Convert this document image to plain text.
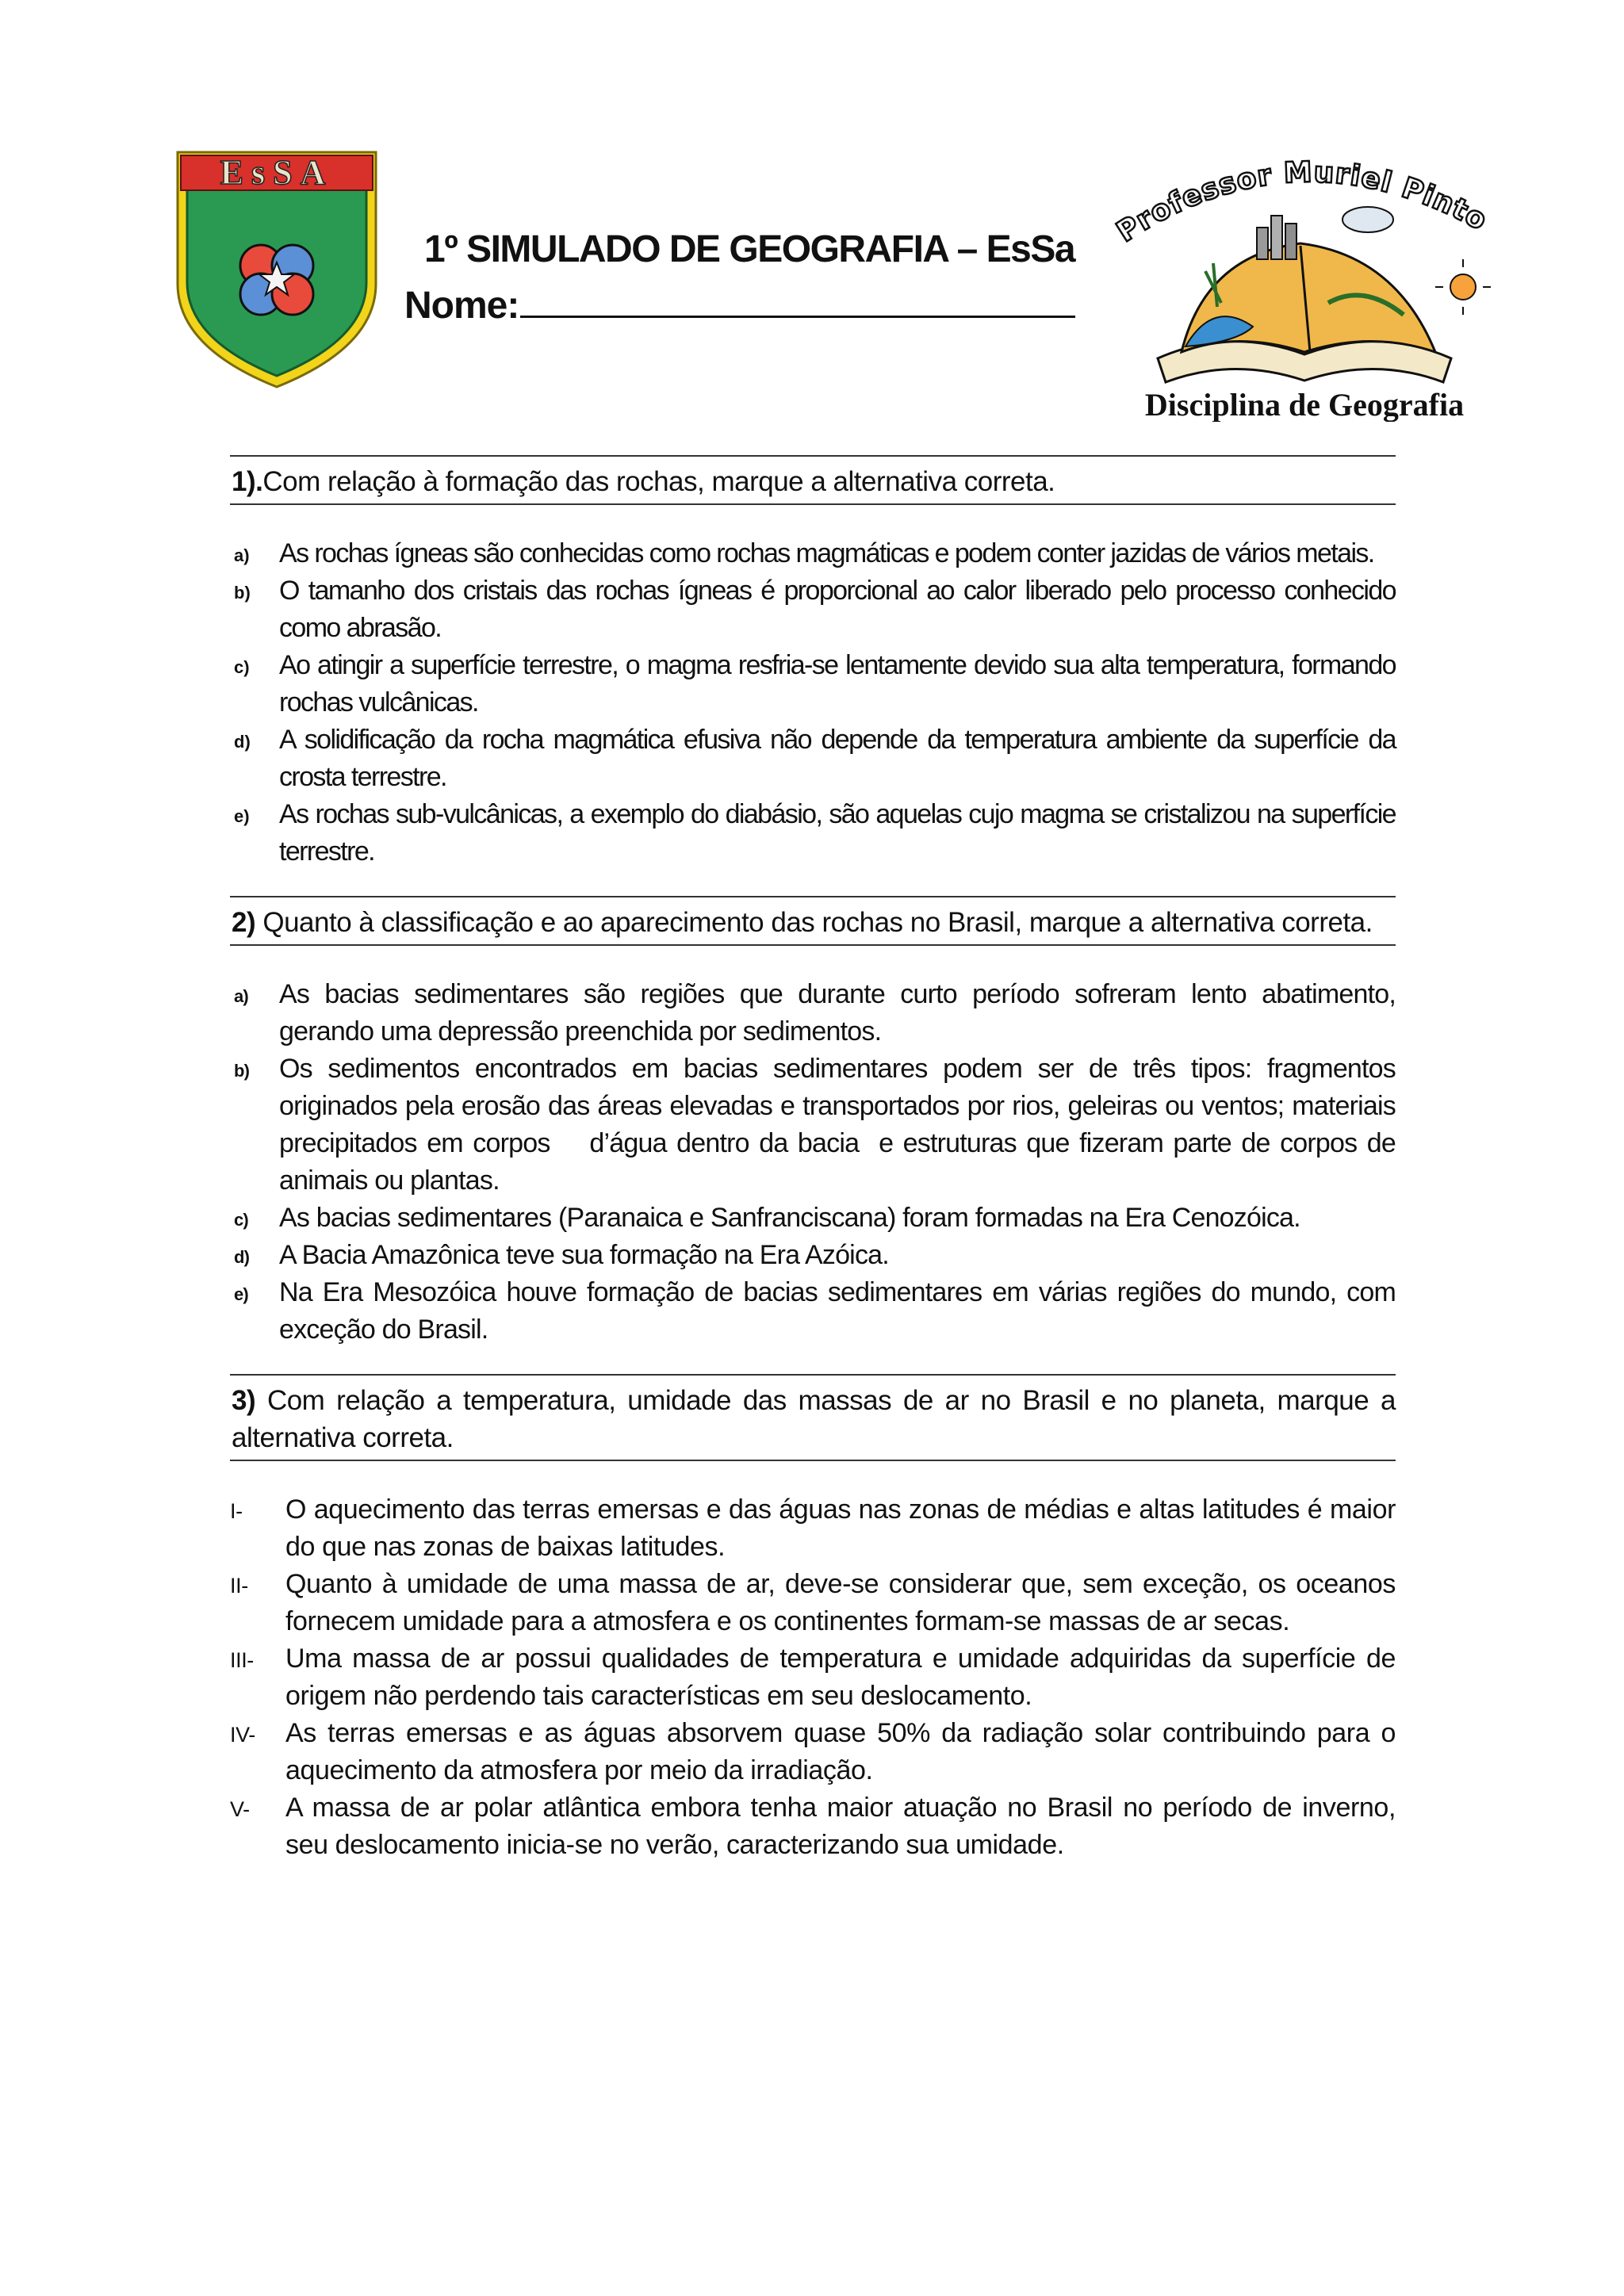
EsSA
1º SIMULADO DE GEOGRAFIA – EsSa
Nome:
Professor Muriel Pinto
Disciplina de Geografia
1).Com relação à formação das rochas, marque a alternativa correta.
a) As rochas ígneas são conhecidas como rochas magmáticas e podem conter jazidas de vários metais.
b) O tamanho dos cristais das rochas ígneas é proporcional ao calor liberado pelo processo conhecido como abrasão.
c) Ao atingir a superfície terrestre, o magma resfria-se lentamente devido sua alta temperatura, formando rochas vulcânicas.
d) A solidificação da rocha magmática efusiva não depende da temperatura ambiente da superfície da crosta terrestre.
e) As rochas sub-vulcânicas, a exemplo do diabásio, são aquelas cujo magma se cristalizou na superfície terrestre.
2) Quanto à classificação e ao aparecimento das rochas no Brasil, marque a alternativa correta.
a) As bacias sedimentares são regiões que durante curto período sofreram lento abatimento, gerando uma depressão preenchida por sedimentos.
b) Os sedimentos encontrados em bacias sedimentares podem ser de três tipos: fragmentos originados pela erosão das áreas elevadas e transportados por rios, geleiras ou ventos; materiais precipitados em corpos    d’água dentro da bacia  e estruturas que fizeram parte de corpos de animais ou plantas.
c) As bacias sedimentares (Paranaica e Sanfranciscana) foram formadas na Era Cenozóica.
d) A Bacia Amazônica teve sua formação na Era Azóica.
e) Na Era Mesozóica houve formação de bacias sedimentares em várias regiões do mundo, com exceção do Brasil.
3) Com relação a temperatura, umidade das massas de ar no Brasil e no planeta, marque a alternativa correta.
I- O aquecimento das terras emersas e das águas nas zonas de médias e altas latitudes é maior do que nas zonas de baixas latitudes.
II- Quanto à umidade de uma massa de ar, deve-se considerar que, sem exceção, os oceanos fornecem umidade para a atmosfera e os continentes formam-se massas de ar secas.
III- Uma massa de ar possui qualidades de temperatura e umidade adquiridas da superfície de origem não perdendo tais características em seu deslocamento.
IV- As terras emersas e as águas absorvem quase 50% da radiação solar contribuindo para o aquecimento da atmosfera por meio da irradiação.
V- A massa de ar polar atlântica embora tenha maior atuação no Brasil no período de inverno, seu deslocamento inicia-se no verão, caracterizando sua umidade.
